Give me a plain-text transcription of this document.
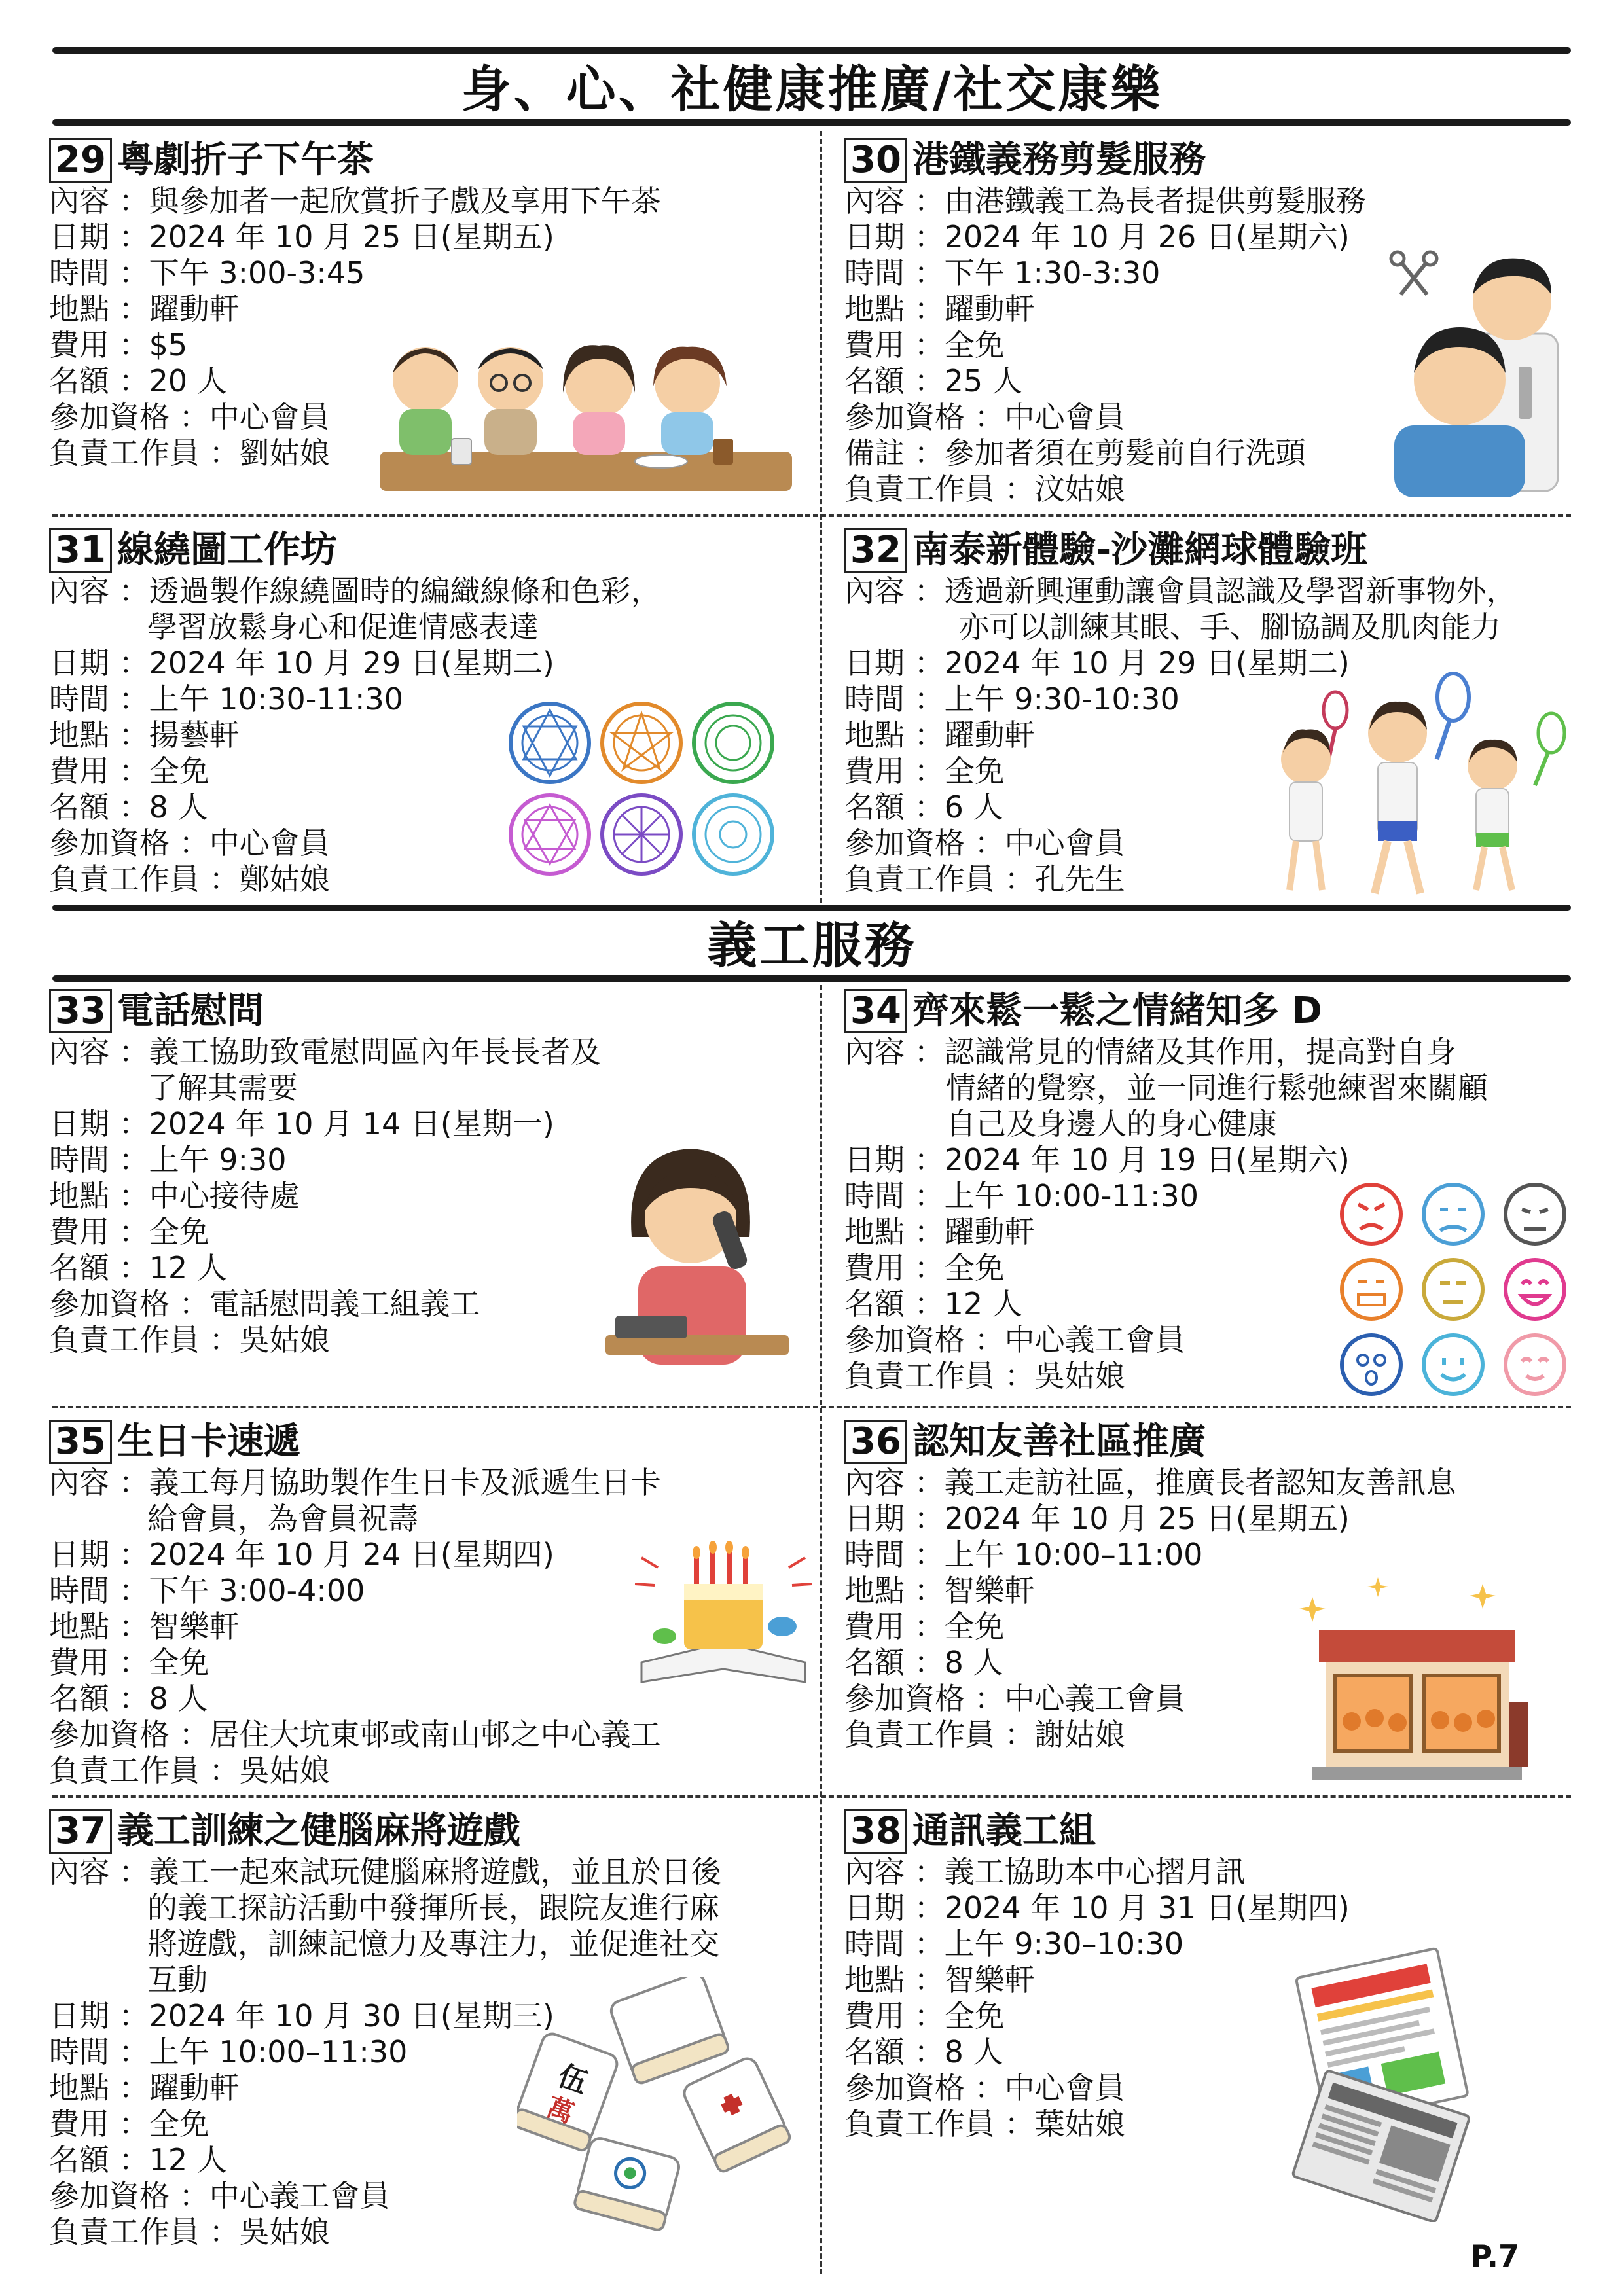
身、心、社健康推廣/社交康樂
義工服務
29 粵劇折子下午茶
內容 ： 與參加者一起欣賞折子戲及享用下午茶
日期 ： 2024 年 10 月 25 日(星期五)
時間 ： 下午 3:00-3:45
地點 ： 躍動軒
費用 ： $5
名額 ： 20 人
參加資格 ： 中心會員
負責工作員 ： 劉姑娘
30 港鐵義務剪髮服務
內容 ： 由港鐵義工為長者提供剪髮服務
日期 ： 2024 年 10 月 26 日(星期六)
時間 ： 下午 1:30-3:30
地點 ： 躍動軒
費用 ： 全免
名額 ： 25 人
參加資格 ： 中心會員
備註 ： 參加者須在剪髮前自行洗頭
負責工作員 ： 汶姑娘
31 線繞圖工作坊
內容 ： 透過製作線繞圖時的編織線條和色彩，
學習放鬆身心和促進情感表達
日期 ： 2024 年 10 月 29 日(星期二)
時間 ： 上午 10:30-11:30
地點 ： 揚藝軒
費用 ： 全免
名額 ： 8 人
參加資格 ： 中心會員
負責工作員 ： 鄭姑娘
32 南泰新體驗-沙灘網球體驗班
內容 ： 透過新興運動讓會員認識及學習新事物外，
亦可以訓練其眼、手、腳協調及肌肉能力
日期 ： 2024 年 10 月 29 日(星期二)
時間 ： 上午 9:30-10:30
地點 ： 躍動軒
費用 ： 全免
名額 ： 6 人
參加資格 ： 中心會員
負責工作員 ： 孔先生
33 電話慰問
內容 ： 義工協助致電慰問區內年長長者及
了解其需要
日期 ： 2024 年 10 月 14 日(星期一)
時間 ： 上午 9:30
地點 ： 中心接待處
費用 ： 全免
名額 ： 12 人
參加資格 ： 電話慰問義工組義工
負責工作員 ： 吳姑娘
34 齊來鬆一鬆之情緒知多 D
內容 ： 認識常見的情緒及其作用，提高對自身
情緒的覺察，並一同進行鬆弛練習來關顧
自己及身邊人的身心健康
日期 ： 2024 年 10 月 19 日(星期六)
時間 ： 上午 10:00-11:30
地點 ： 躍動軒
費用 ： 全免
名額 ： 12 人
參加資格 ： 中心義工會員
負責工作員 ： 吳姑娘
35 生日卡速遞
內容 ： 義工每月協助製作生日卡及派遞生日卡
給會員，為會員祝壽
日期 ： 2024 年 10 月 24 日(星期四)
時間 ： 下午 3:00-4:00
地點 ： 智樂軒
費用 ： 全免
名額 ： 8 人
參加資格 ： 居住大坑東邨或南山邨之中心義工
負責工作員 ： 吳姑娘
36 認知友善社區推廣
內容 ： 義工走訪社區，推廣長者認知友善訊息
日期 ： 2024 年 10 月 25 日(星期五)
時間 ： 上午 10:00–11:00
地點 ： 智樂軒
費用 ： 全免
名額 ： 8 人
參加資格 ： 中心義工會員
負責工作員 ： 謝姑娘
37 義工訓練之健腦麻將遊戲
內容 ： 義工一起來試玩健腦麻將遊戲，並且於日後
的義工探訪活動中發揮所長，跟院友進行麻
將遊戲，訓練記憶力及專注力，並促進社交
互動
日期 ： 2024 年 10 月 30 日(星期三)
時間 ： 上午 10:00–11:30
地點 ： 躍動軒
費用 ： 全免
名額 ： 12 人
參加資格 ： 中心義工會員
負責工作員 ： 吳姑娘
伍
萬
38 通訊義工組
內容 ： 義工協助本中心摺月訊
日期 ： 2024 年 10 月 31 日(星期四)
時間 ： 上午 9:30–10:30
地點 ： 智樂軒
費用 ： 全免
名額 ： 8 人
參加資格 ： 中心會員
負責工作員 ： 葉姑娘
P.7
